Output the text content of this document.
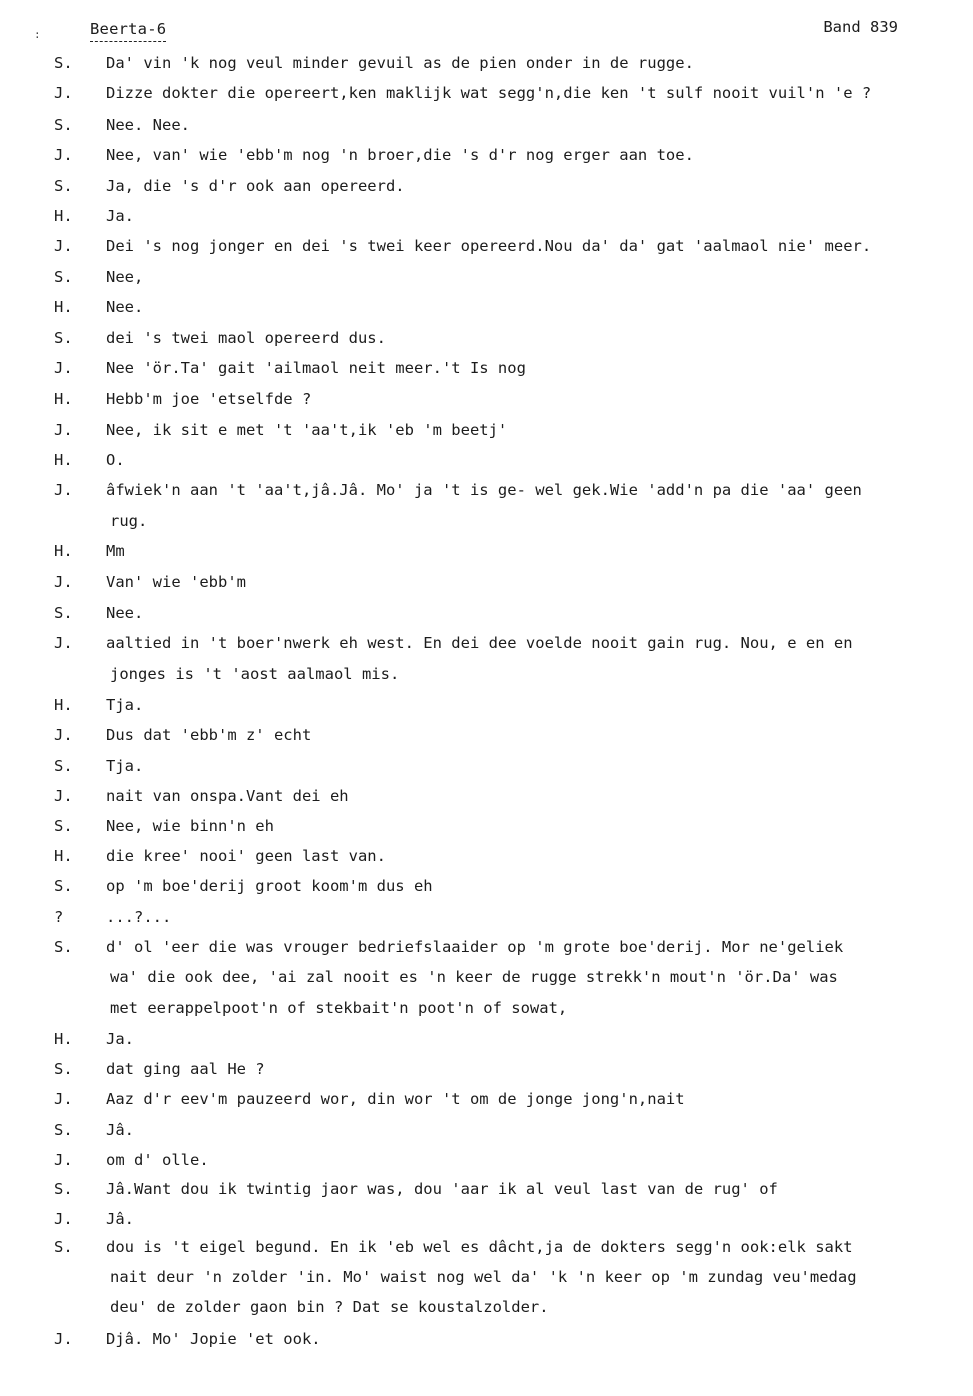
:	Beerta-6	Band 839
S.	Da' vin 'k nog veul minder gevuil as de pien onder in de rugge.
J.	Dizze dokter die opereert,ken maklijk wat segg'n,die ken 't sulf nooit vuil'n 'e ?
S.	Nee. Nee.
J.	Nee, van' wie 'ebb'm nog 'n broer,die 's d'r nog erger aan toe.
S.	Ja, die 's d'r ook aan opereerd.
H.	Ja.
J.	Dei 's nog jonger en dei 's twei keer opereerd.Nou da' da' gat 'aalmaol nie' meer.
S.	Nee,
H.	Nee.
S.	dei 's twei maol opereerd dus.
J.	Nee 'ör.Ta' gait 'ailmaol neit meer.'t Is nog
H.	Hebb'm joe 'etselfde ?
J.	Nee, ik sit e met 't 'aa't,ik 'eb 'm beetj'
H.	O.
J.	âfwiek'n aan 't 'aa't,jâ.Jâ. Mo' ja 't is ge- wel gek.Wie 'add'n pa die 'aa' geen
rug.
H.	Mm
J.	Van' wie 'ebb'm
S.	Nee.
J.	aaltied in 't boer'nwerk eh west. En dei dee voelde nooit gain rug. Nou, e en en
jonges is 't 'aost aalmaol mis.
H.	Tja.
J.	Dus dat 'ebb'm z' echt
S.	Tja.
J.	nait van onspa.Vant dei eh
S.	Nee, wie binn'n eh
H.	die kree' nooi' geen last van.
S.	op 'm boe'derij groot koom'm dus eh
?	...?...
S.	d' ol 'eer die was vrouger bedriefslaaider op 'm grote boe'derij. Mor ne'geliek
wa' die ook dee, 'ai zal nooit es 'n keer de rugge strekk'n mout'n 'ör.Da' was
met eerappelpoot'n of stekbait'n poot'n of sowat,
H.	Ja.
S.	dat ging aal He ?
J.	Aaz d'r eev'm pauzeerd wor, din wor 't om de jonge jong'n,nait
S.	Jâ.
J.	om d' olle.
S.	Jâ.Want dou ik twintig jaor was, dou 'aar ik al veul last van de rug' of
J.	Jâ.
S.	dou is 't eigel begund. En ik 'eb wel es dâcht,ja de dokters segg'n ook:elk sakt
nait deur 'n zolder 'in. Mo' waist nog wel da' 'k 'n keer op 'm zundag veu'medag
deu' de zolder gaon bin ? Dat se koustalzolder.
J.	Djâ. Mo' Jopie 'et ook.
